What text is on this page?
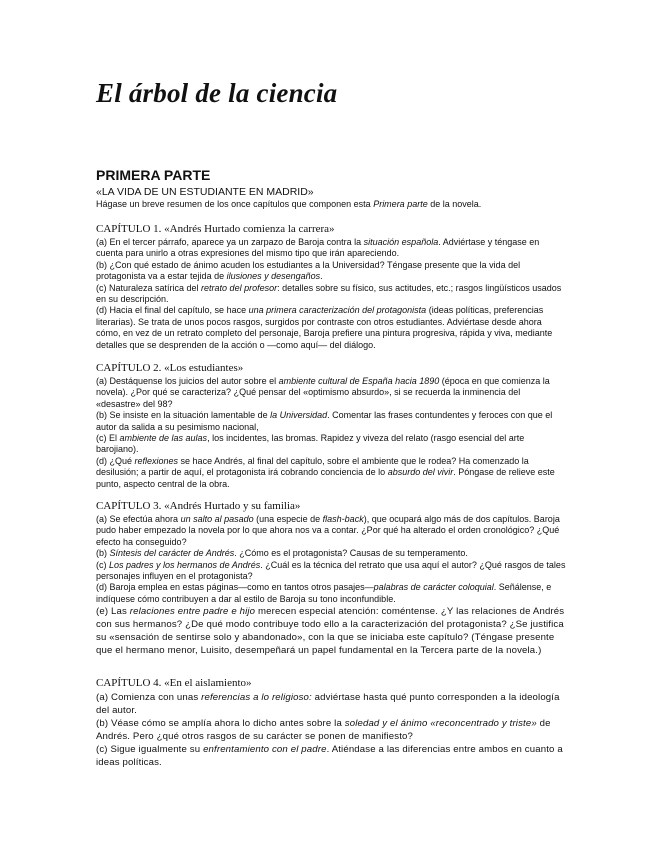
El árbol de la ciencia
PRIMERA PARTE

«LA VIDA DE UN ESTUDIANTE EN MADRID»

Hágase un breve resumen de los once capítulos que componen esta Primera parte de la novela.

CAPÍTULO 1. «Andrés Hurtado comienza la carrera»

(a) En el tercer párrafo, aparece ya un zarpazo de Baroja contra la situación española. Adviértase y téngase en cuenta para unirlo a otras expresiones del mismo tipo que irán apareciendo.

(b) ¿Con qué estado de ánimo acuden los estudiantes a la Universidad? Téngase presente que la vida del protagonista va a estar tejida de ilusiones y desengaños.

(c) Naturaleza satírica del retrato del profesor: detalles sobre su físico, sus actitudes, etc.; rasgos lingüísticos usados en su descripción.

(d) Hacia el final del capítulo, se hace una primera caracterización del protagonista (ideas políticas, preferencias literarias). Se trata de unos pocos rasgos, surgidos por contraste con otros estudiantes. Adviértase desde ahora cómo, en vez de un retrato completo del personaje, Baroja prefiere una pintura progresiva, rápida y viva, mediante detalles que se desprenden de la acción o —como aquí— del diálogo.

CAPÍTULO 2. «Los estudiantes»

(a) Destáquense los juicios del autor sobre el ambiente cultural de España hacia 1890 (época en que comienza la novela). ¿Por qué se caracteriza? ¿Qué pensar del «optimismo absurdo», si se recuerda la inminencia del «desastre» del 98?

(b) Se insiste en la situación lamentable de la Universidad. Comentar las frases contundentes y feroces con que el autor da salida a su pesimismo nacional,

(c) El ambiente de las aulas, los incidentes, las bromas. Rapidez y viveza del relato (rasgo esencial del arte barojiano).

(d) ¿Qué reflexiones se hace Andrés, al final del capítulo, sobre el ambiente que le rodea? Ha comenzado la desilusión; a partir de aquí, el protagonista irá cobrando conciencia de lo absurdo del vivir. Póngase de relieve este punto, aspecto central de la obra.

CAPÍTULO 3. «Andrés Hurtado y su familia»

(a) Se efectúa ahora un salto al pasado (una especie de flash-back), que ocupará algo más de dos capítulos. Baroja pudo haber empezado la novela por lo que ahora nos va a contar. ¿Por qué ha alterado el orden cronológico? ¿Qué efecto ha conseguido?

(b) Síntesis del carácter de Andrés. ¿Cómo es el protagonista? Causas de su temperamento.

(c) Los padres y los hermanos de Andrés. ¿Cuál es la técnica del retrato que usa aquí el autor? ¿Qué rasgos de tales personajes influyen en el protagonista?

(d) Baroja emplea en estas páginas—como en tantos otros pasajes—palabras de carácter coloquial. Señálense, e indíquese cómo contribuyen a dar al estilo de Baroja su tono inconfundible.

(e) Las relaciones entre padre e hijo merecen especial atención: coméntense. ¿Y las relaciones de Andrés con sus hermanos? ¿De qué modo contribuye todo ello a la caracterización del protagonista? ¿Se justifica su «sensación de sentirse solo y abandonado», con la que se iniciaba este capítulo? (Téngase presente que el hermano menor, Luisito, desempeñará un papel fundamental en la Tercera parte de la novela.)

CAPÍTULO 4. «En el aislamiento»

(a) Comienza con unas referencias a lo religioso: adviértase hasta qué punto corresponden a la ideología del autor.

(b) Véase cómo se amplía ahora lo dicho antes sobre la soledad y el ánimo «reconcentrado y triste» de Andrés. Pero ¿qué otros rasgos de su carácter se ponen de manifiesto?

(c) Sigue igualmente su enfrentamiento con el padre. Atiéndase a las diferencias entre ambos en cuanto a ideas políticas.
